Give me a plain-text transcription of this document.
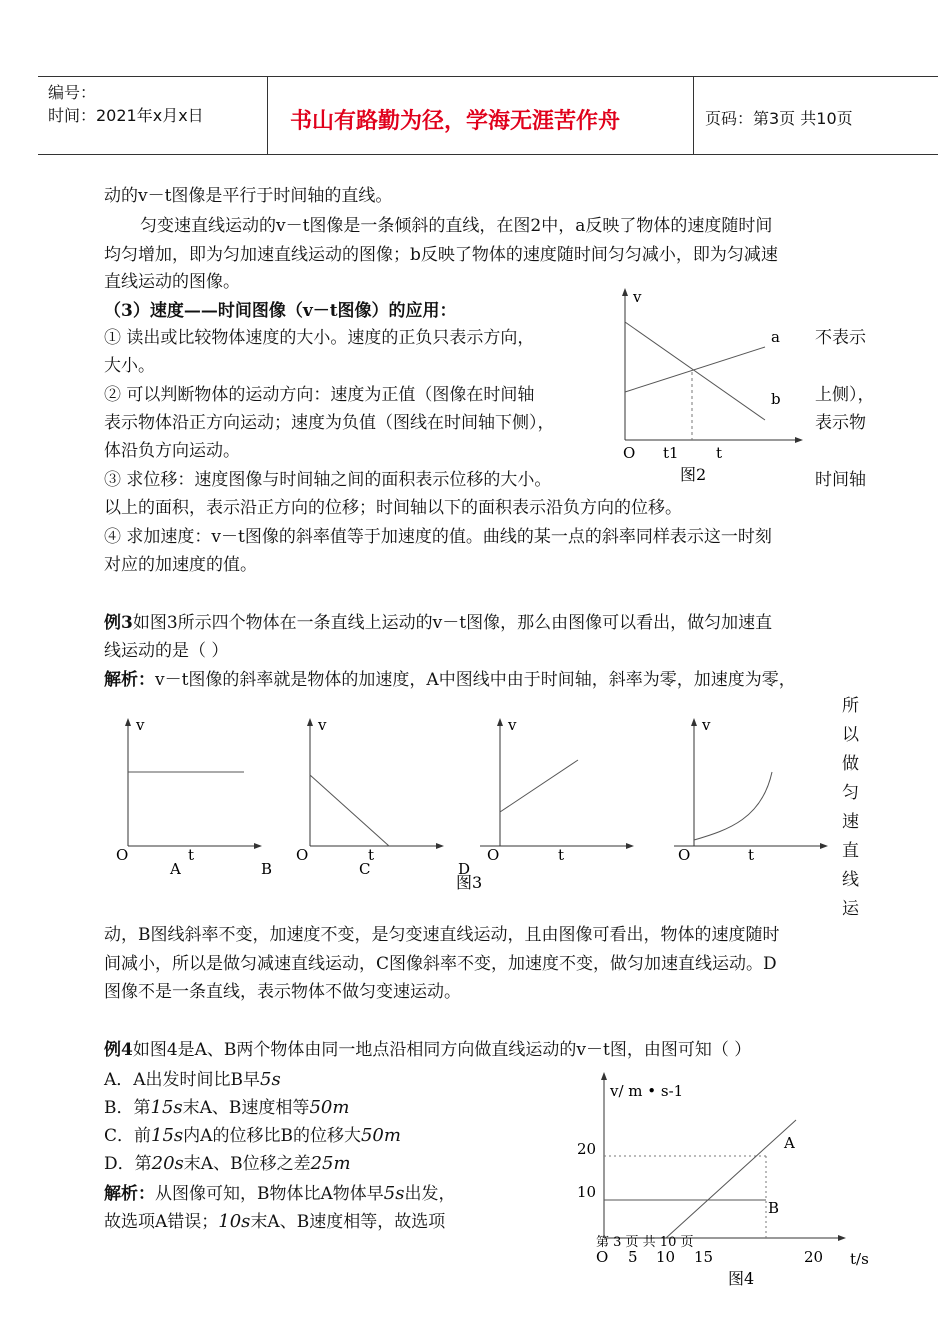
编号：
时间：2021年x月x日	书山有路勤为径，学海无涯苦作舟	页码：第3页 共10页
动的v－t图像是平行于时间轴的直线。
匀变速直线运动的v－t图像是一条倾斜的直线，在图2中，a反映了物体的速度随时间
均匀增加，即为匀加速直线运动的图像；b反映了物体的速度随时间匀匀减小，即为匀减速
直线运动的图像。
（3）速度——时间图像（v－t图像）的应用：
① 读出或比较物体速度的大小。速度的正负只表示方向，	不表示
大小。
② 可以判断物体的运动方向：速度为正值（图像在时间轴	上侧），
表示物体沿正方向运动；速度为负值（图线在时间轴下侧），	表示物
体沿负方向运动。
③ 求位移：速度图像与时间轴之间的面积表示位移的大小。	时间轴
以上的面积，表示沿正方向的位移；时间轴以下的面积表示沿负方向的位移。
④ 求加速度：v－t图像的斜率值等于加速度的值。曲线的某一点的斜率同样表示这一时刻
对应的加速度的值。
v
a
b
O t1 t
图2
例3如图3所示四个物体在一条直线上运动的v－t图像，那么由图像可以看出，做匀加速直
线运动的是（ ）
解析：v－t图像的斜率就是物体的加速度，A中图线中由于时间轴，斜率为零，加速度为零，
所
以
做
匀
速
直
线
运
v
O	t
A
v
O	t
B
v
O	t
C
v
O	t
D
图3
动，B图线斜率不变，加速度不变，是匀变速直线运动，且由图像可看出，物体的速度随时
间减小，所以是做匀减速直线运动，C图像斜率不变，加速度不变，做匀加速直线运动。D
图像不是一条直线，表示物体不做匀变速运动。
例4如图4是A、B两个物体由同一地点沿相同方向做直线运动的v－t图，由图可知（ ）
A．A出发时间比B早5s
B．第15s末A、B速度相等50m
C．前15s内A的位移比B的位移大50m
D．第20s末A、B位移之差25m
解析：从图像可知，B物体比A物体早5s出发，
故选项A错误；10s末A、B速度相等，故选项
v/ m • s-1
20
10
A
B
第 3 页 共 10 页
O 5 10 15	20 t/s
图4
